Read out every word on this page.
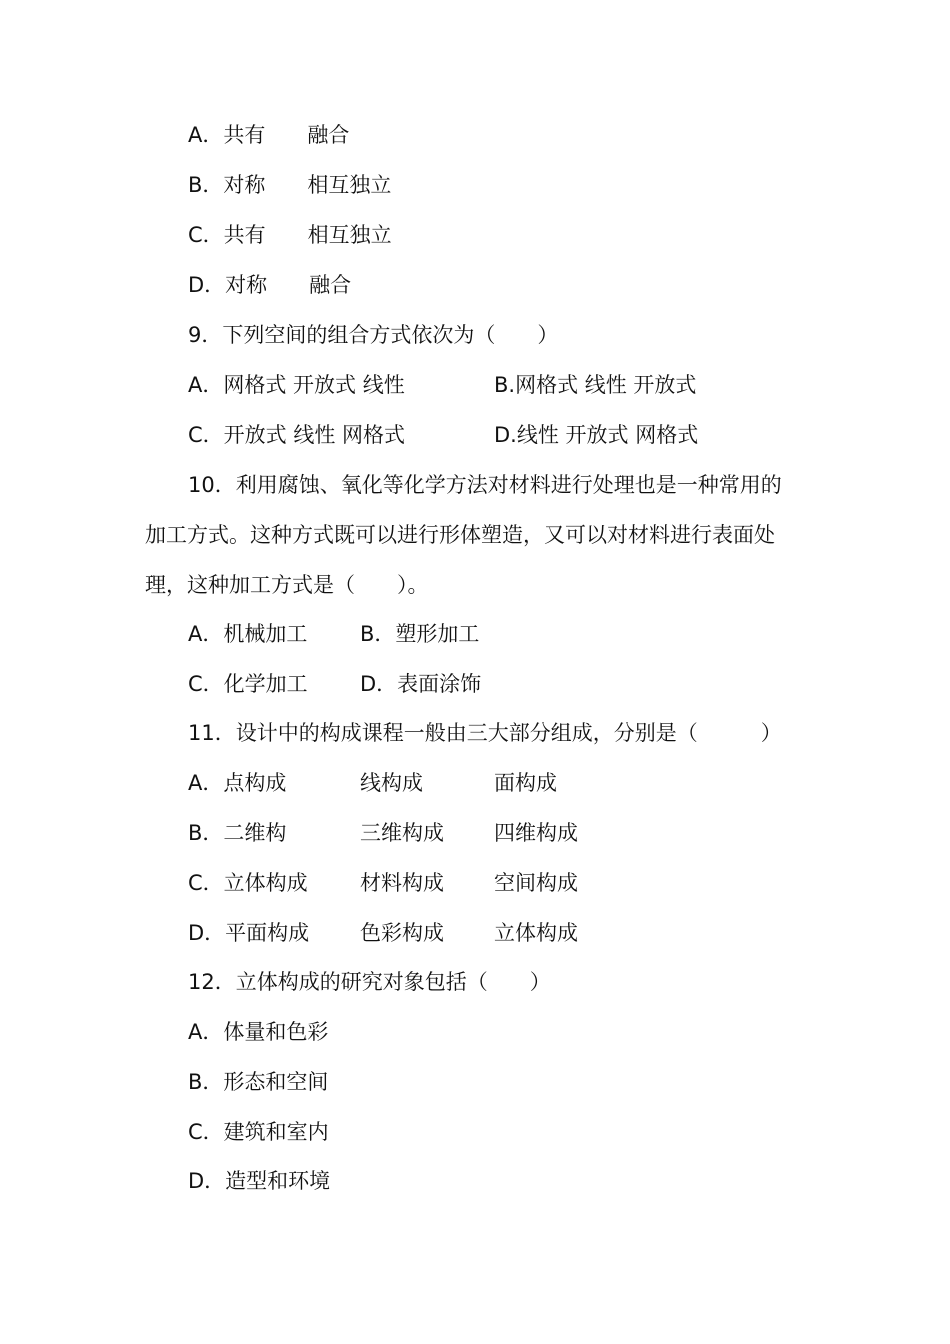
A．共有　　融合

B．对称　　相互独立

C．共有　　相互独立

D．对称　　融合

9．下列空间的组合方式依次为（　　）

A．网格式 开放式 线性	B.网格式 线性 开放式
C．开放式 线性 网格式	D.线性 开放式 网格式

10．利用腐蚀、氧化等化学方法对材料进行处理也是一种常用的

加工方式。这种方式既可以进行形体塑造，又可以对材料进行表面处

理，这种加工方式是（　　）。

A．机械加工	B．塑形加工
C．化学加工 D．表面涂饰

11．设计中的构成课程一般由三大部分组成，分别是（　　　）

A．点构成	线构成	面构成
B．二维构	三维构成 四维构成
C．立体构成 材料构成 空间构成
D．平面构成 色彩构成 立体构成

12．立体构成的研究对象包括（　　）

A．体量和色彩

B．形态和空间

C．建筑和室内

D．造型和环境
